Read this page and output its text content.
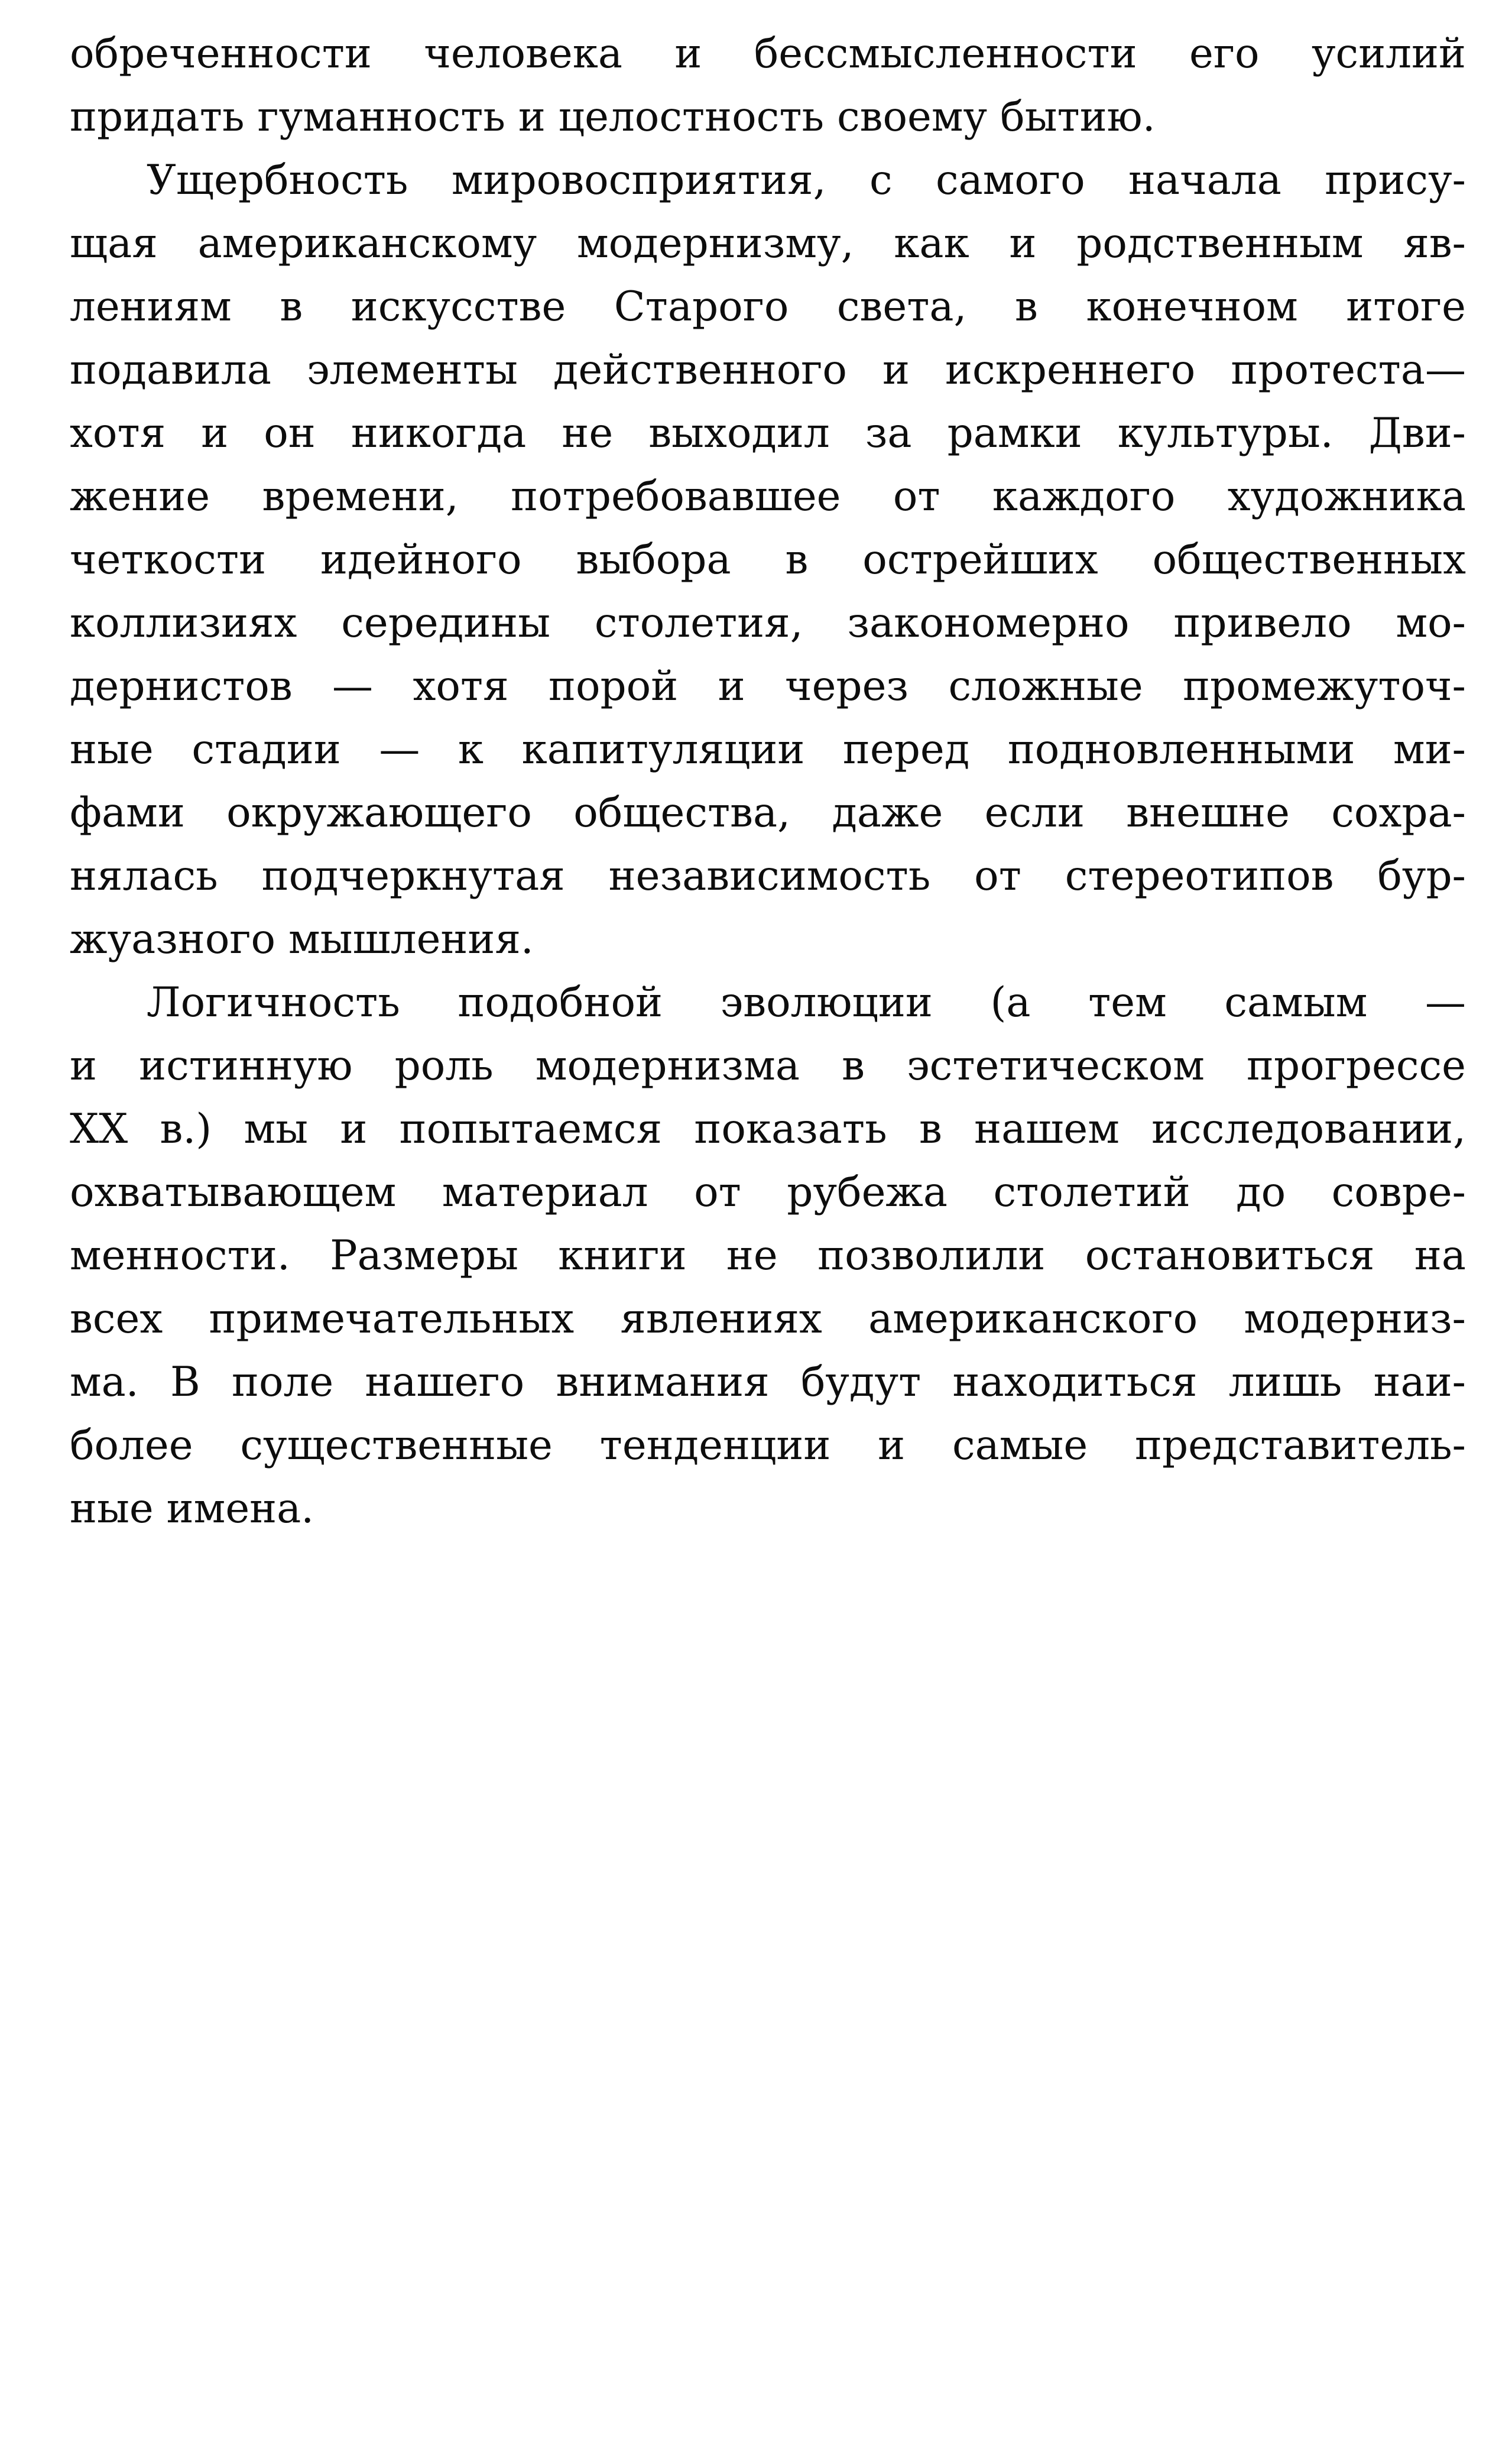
обреченности человека и бессмысленности его усилий
придать гуманность и целостность своему бытию.
Ущербность мировосприятия, с самого начала прису-
щая американскому модернизму, как и родственным яв-
лениям в искусстве Старого света, в конечном итоге
подавила элементы действенного и искреннего протеста—
хотя и он никогда не выходил за рамки культуры. Дви-
жение времени, потребовавшее от каждого художника
четкости идейного выбора в острейших общественных
коллизиях середины столетия, закономерно привело мо-
дернистов — хотя порой и через сложные промежуточ-
ные стадии — к капитуляции перед подновленными ми-
фами окружающего общества, даже если внешне сохра-
нялась подчеркнутая независимость от стереотипов бур-
жуазного мышления.
Логичность подобной эволюции (а тем самым —
и истинную роль модернизма в эстетическом прогрессе
XX в.) мы и попытаемся показать в нашем исследовании,
охватывающем материал от рубежа столетий до совре-
менности. Размеры книги не позволили остановиться на
всех примечательных явлениях американского модерниз-
ма. В поле нашего внимания будут находиться лишь наи-
более существенные тенденции и самые представитель-
ные имена.
